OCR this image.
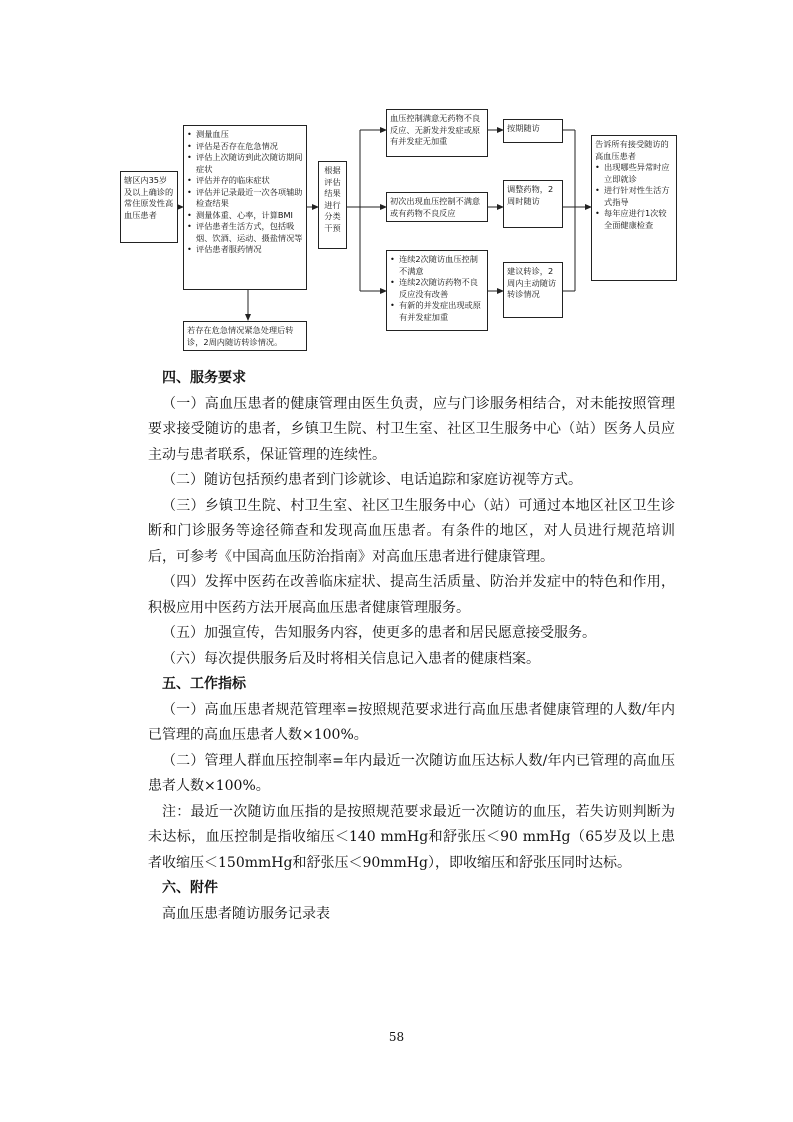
辖区内35岁及以上确诊的常住原发性高血压患者
• 测量血压
• 评估是否存在危急情况
• 评估上次随访到此次随访期间症状
• 评估并存的临床症状
• 评估并记录最近一次各项辅助检查结果
• 测量体重、心率，计算BMI
• 评估患者生活方式，包括吸烟、饮酒、运动、摄盐情况等
• 评估患者服药情况
若存在危急情况紧急处理后转诊，2周内随访转诊情况。
根据评估结果进行分类干预
血压控制满意无药物不良反应、无新发并发症或原有并发症无加重
初次出现血压控制不满意或有药物不良反应
• 连续2次随访血压控制不满意
• 连续2次随访药物不良反应没有改善
• 有新的并发症出现或原有并发症加重
按期随访
调整药物，2周时随访
建议转诊，2周内主动随访转诊情况
告诉所有接受随访的高血压患者
• 出现哪些异常时应立即就诊
• 进行针对性生活方式指导
• 每年应进行1次较全面健康检查

四、服务要求

（一）高血压患者的健康管理由医生负责，应与门诊服务相结合，对未能按照管理要求接受随访的患者，乡镇卫生院、村卫生室、社区卫生服务中心（站）医务人员应主动与患者联系，保证管理的连续性。

（二）随访包括预约患者到门诊就诊、电话追踪和家庭访视等方式。

（三）乡镇卫生院、村卫生室、社区卫生服务中心（站）可通过本地区社区卫生诊断和门诊服务等途径筛查和发现高血压患者。有条件的地区，对人员进行规范培训后，可参考《中国高血压防治指南》对高血压患者进行健康管理。

（四）发挥中医药在改善临床症状、提高生活质量、防治并发症中的特色和作用，积极应用中医药方法开展高血压患者健康管理服务。

（五）加强宣传，告知服务内容，使更多的患者和居民愿意接受服务。

（六）每次提供服务后及时将相关信息记入患者的健康档案。

五、工作指标

（一）高血压患者规范管理率=按照规范要求进行高血压患者健康管理的人数/年内已管理的高血压患者人数×100%。

（二）管理人群血压控制率=年内最近一次随访血压达标人数/年内已管理的高血压患者人数×100%。

注：最近一次随访血压指的是按照规范要求最近一次随访的血压，若失访则判断为未达标，血压控制是指收缩压＜140 mmHg和舒张压＜90 mmHg（65岁及以上患者收缩压＜150mmHg和舒张压＜90mmHg），即收缩压和舒张压同时达标。

六、附件

高血压患者随访服务记录表

58
